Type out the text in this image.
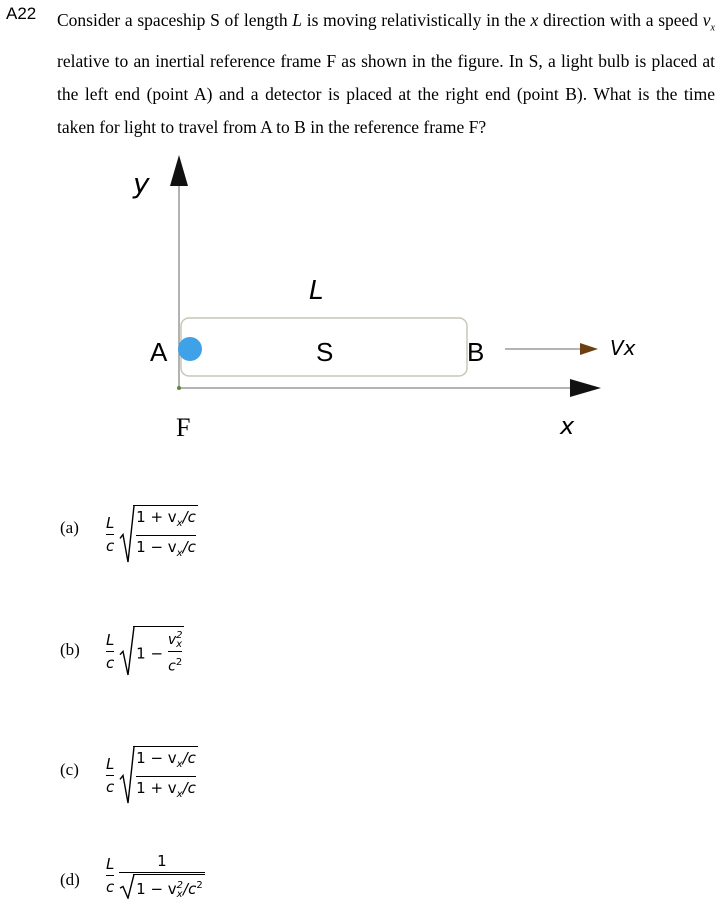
A22 Consider a spaceship S of length L is moving relativistically in the x direction with a speed $v_x$ relative to an inertial reference frame F as shown in the figure. In S, a light bulb is placed at the left end (point A) and a detector is placed at the right end (point B). What is the time taken for light to travel from A to B in the reference frame F?
y
x
A	S	B
L
F
Vx
$(a) \frac{L}{c}$
$\frac{1 + v_x/c}{1 - v_x/c}$
$(b) \frac{L}{c}$
1 − v 2
x
$c^2$
$(c) \frac{L}{c}$
$\frac{1 - v_x/c}{1 + v_x/c}$
$(d) \frac{L}{c}$
1
1 − v 2
x $/c^2$
